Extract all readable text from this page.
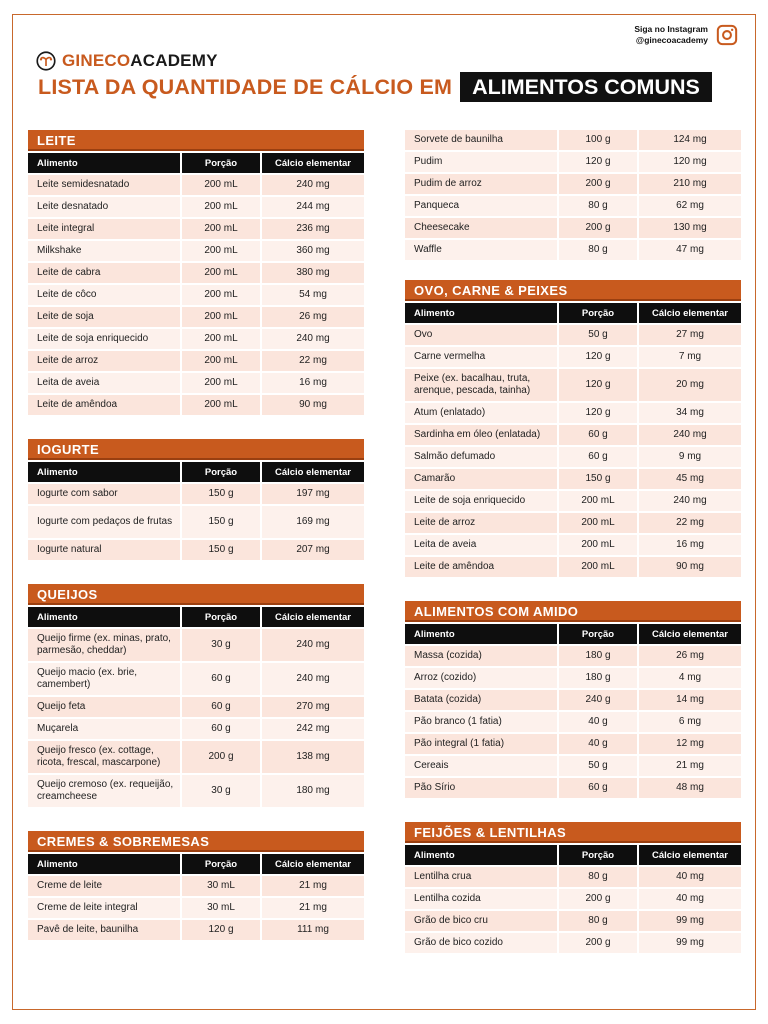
Siga no Instagram
@ginecoacademy
GINECOACADEMY
LISTA DA QUANTIDADE DE CÁLCIO EM ALIMENTOS COMUNS
LEITE
Alimento	Porção	Cálcio elementar
Leite semidesnatado	200 mL	240 mg
Leite desnatado	200 mL	244 mg
Leite integral	200 mL	236 mg
Milkshake	200 mL	360 mg
Leite de cabra	200 mL	380 mg
Leite de côco	200 mL	54 mg
Leite de soja	200 mL	26 mg
Leite de soja enriquecido	200 mL	240 mg
Leite de arroz	200 mL	22 mg
Leita de aveia	200 mL	16 mg
Leite de amêndoa	200 mL	90 mg
IOGURTE
Alimento	Porção	Cálcio elementar
Iogurte com sabor	150 g	197 mg
Iogurte com pedaços de frutas	150 g	169 mg
Iogurte natural	150 g	207 mg
QUEIJOS
Alimento	Porção	Cálcio elementar
Queijo firme (ex. minas, prato, parmesão, cheddar)	30 g	240 mg
Queijo macio (ex. brie, camembert)	60 g	240 mg
Queijo feta	60 g	270 mg
Muçarela	60 g	242 mg
Queijo fresco (ex. cottage, ricota, frescal, mascarpone)	200 g	138 mg
Queijo cremoso (ex. requeijão, creamcheese	30 g	180 mg
CREMES & SOBREMESAS
Alimento	Porção	Cálcio elementar
Creme de leite	30 mL	21 mg
Creme de leite integral	30 mL	21 mg
Pavê de leite, baunilha	120 g	111 mg
Sorvete de baunilha	100 g	124 mg
Pudim	120 g	120 mg
Pudim de arroz	200 g	210 mg
Panqueca	80 g	62 mg
Cheesecake	200 g	130 mg
Waffle	80 g	47 mg
OVO, CARNE & PEIXES
Alimento	Porção	Cálcio elementar
Ovo	50 g	27 mg
Carne vermelha	120 g	7 mg
Peixe (ex. bacalhau, truta, arenque, pescada, tainha)	120 g	20 mg
Atum (enlatado)	120 g	34 mg
Sardinha em óleo (enlatada)	60 g	240 mg
Salmão defumado	60 g	9 mg
Camarão	150 g	45 mg
Leite de soja enriquecido	200 mL	240 mg
Leite de arroz	200 mL	22 mg
Leita de aveia	200 mL	16 mg
Leite de amêndoa	200 mL	90 mg
ALIMENTOS COM AMIDO
Alimento	Porção	Cálcio elementar
Massa (cozida)	180 g	26 mg
Arroz (cozido)	180 g	4 mg
Batata (cozida)	240 g	14 mg
Pão branco (1 fatia)	40 g	6 mg
Pão integral (1 fatia)	40 g	12 mg
Cereais	50 g	21 mg
Pão Sírio	60 g	48 mg
FEIJÕES & LENTILHAS
Alimento	Porção	Cálcio elementar
Lentilha crua	80 g	40 mg
Lentilha cozida	200 g	40 mg
Grão de bico cru	80 g	99 mg
Grão de bico cozido	200 g	99 mg
